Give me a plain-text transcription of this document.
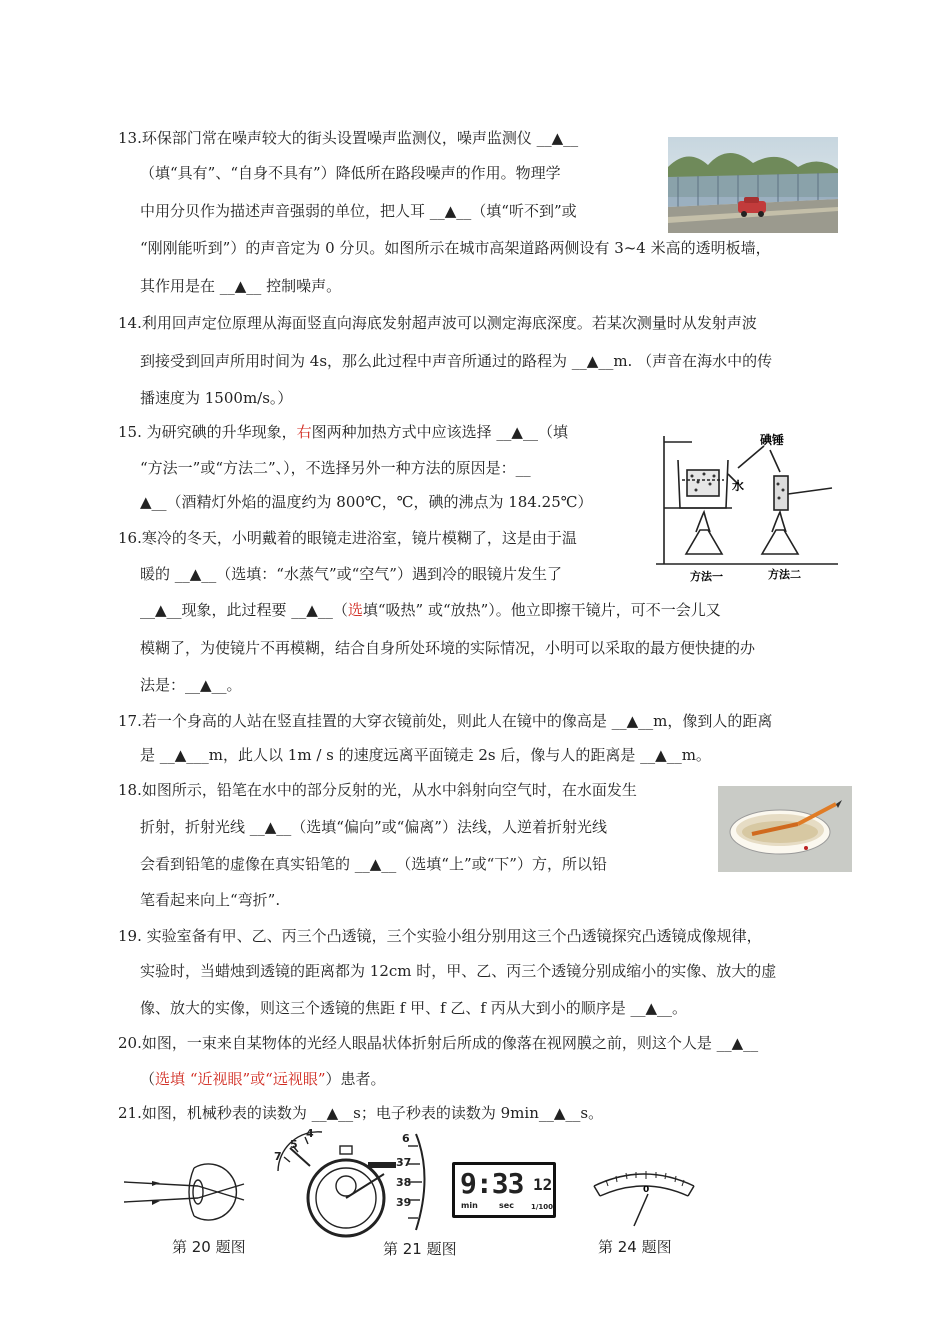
13.环保部门常在噪声较大的街头设置噪声监测仪，噪声监测仪 __▲__
（填“具有”、“自身不具有”）降低所在路段噪声的作用。物理学
中用分贝作为描述声音强弱的单位，把人耳 __▲__（填“听不到”或
“刚刚能听到”）的声音定为 0 分贝。如图所示在城市高架道路两侧设有 3~4 米高的透明板墙，
其作用是在 __▲__ 控制噪声。
14.利用回声定位原理从海面竖直向海底发射超声波可以测定海底深度。若某次测量时从发射声波
到接受到回声所用时间为 4s，那么此过程中声音所通过的路程为 __▲__m. （声音在海水中的传
播速度为 1500m/s。）
15. 为研究碘的升华现象，右图两种加热方式中应该选择 __▲__（填
“方法一”或“方法二”、），不选择另外一种方法的原因是：__
▲__（酒精灯外焰的温度约为 800℃，℃，碘的沸点为 184.25℃）
碘锤
水
方法一	方法二
16.寒冷的冬天，小明戴着的眼镜走进浴室，镜片模糊了，这是由于温
暖的 __▲__（选填：“水蒸气”或“空气”）遇到冷的眼镜片发生了
__▲__现象，此过程要 __▲__（选填“吸热” 或“放热”）。他立即擦干镜片，可不一会儿又
模糊了，为使镜片不再模糊，结合自身所处环境的实际情况，小明可以采取的最方便快捷的办
法是：__▲__。
17.若一个身高的人站在竖直挂置的大穿衣镜前处，则此人在镜中的像高是 __▲__m，像到人的距离
是 __▲___m，此人以 1m / s 的速度远离平面镜走 2s 后，像与人的距离是 __▲__m。
18.如图所示，铅笔在水中的部分反射的光，从水中斜射向空气时，在水面发生
折射，折射光线 __▲__（选填“偏向”或“偏离”）法线，人逆着折射光线
会看到铅笔的虚像在真实铅笔的 __▲__（选填“上”或“下”）方，所以铅
笔看起来向上“弯折”.
19. 实验室备有甲、乙、丙三个凸透镜，三个实验小组分别用这三个凸透镜探究凸透镜成像规律，
实验时，当蜡烛到透镜的距离都为 12cm 时，甲、乙、丙三个透镜分别成缩小的实像、放大的虚
像、放大的实像，则这三个透镜的焦距 f 甲、f 乙、f 丙从大到小的顺序是 __▲__。
20.如图，一束来自某物体的光经人眼晶状体折射后所成的像落在视网膜之前，则这个人是 __▲__
（选填 “近视眼”或“远视眼”）患者。
21.如图，机械秒表的读数为 __▲__s；电子秒表的读数为 9min__▲__s。
第 20 题图
4
5	6
7	37
38
39
9:33 12
min	sec 1/100
第 21 题图
0
第 24 题图
